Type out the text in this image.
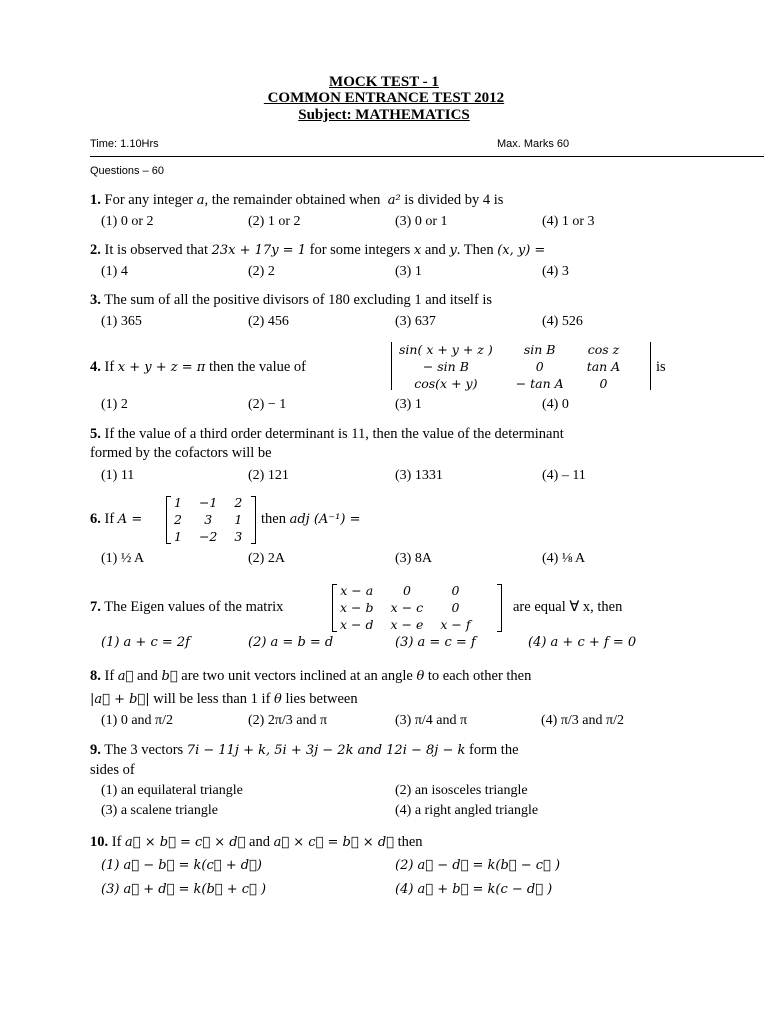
MOCK TEST - 1
COMMON ENTRANCE TEST 2012
Subject: MATHEMATICS
Time: 1.10Hrs	Max. Marks 60
Questions – 60
1. For any integer a, the remainder obtained when  a² is divided by 4 is
(1) 0 or 2	(2) 1 or 2	(3) 0 or 1	(4) 1 or 3
2. It is observed that 23x + 17y = 1 for some integers x and y. Then (x, y) =
(1) 4	(2) 2	(3) 1	(4) 3
3. The sum of all the positive divisors of 180 excluding 1 and itself is
(1) 365	(2) 456	(3) 637	(4) 526
4. If x + y + z = π then the value of
sin( x + y + z )	sin B	cos z
− sin B	0	tan A
cos(x + y)	− tan A	0
is
(1) 2	(2) − 1	(3) 1	(4) 0
5. If the value of a third order determinant is 11, then the value of the determinant
formed by the cofactors will be
(1) 11	(2) 121	(3) 1331	(4) – 11
6. If A =
1	−1	2
2	3	1
1	−2	3
then adj (A⁻¹) =
(1) ½ A	(2) 2A	(3) 8A	(4) ⅛ A
7. The Eigen values of the matrix
x − a	0	0
x − b	x − c	0
x − d	x − e	x − f
are equal ∀ x, then
(1) a + c = 2f	(2) a = b = d	(3) a = c = f	(4) a + c + f = 0
8. If a⃗ and b⃗ are two unit vectors inclined at an angle θ to each other then
|a⃗ + b⃗| will be less than 1 if θ lies between
(1) 0 and π/2	(2) 2π/3 and π	(3) π/4 and π	(4) π/3 and π/2
9. The 3 vectors 7i − 11j + k, 5i + 3j − 2k and 12i − 8j − k form the
sides of
(1) an equilateral triangle	(2) an isosceles triangle
(3) a scalene triangle	(4) a right angled triangle
10. If a⃗ × b⃗ = c⃗ × d⃗ and a⃗ × c⃗ = b⃗ × d⃗ then
(1) a⃗ − b⃗ = k(c⃗ + d⃗)	(2) a⃗ − d⃗ = k(b⃗ − c⃗ )
(3) a⃗ + d⃗ = k(b⃗ + c⃗ )	(4) a⃗ + b⃗ = k(c − d⃗ )
